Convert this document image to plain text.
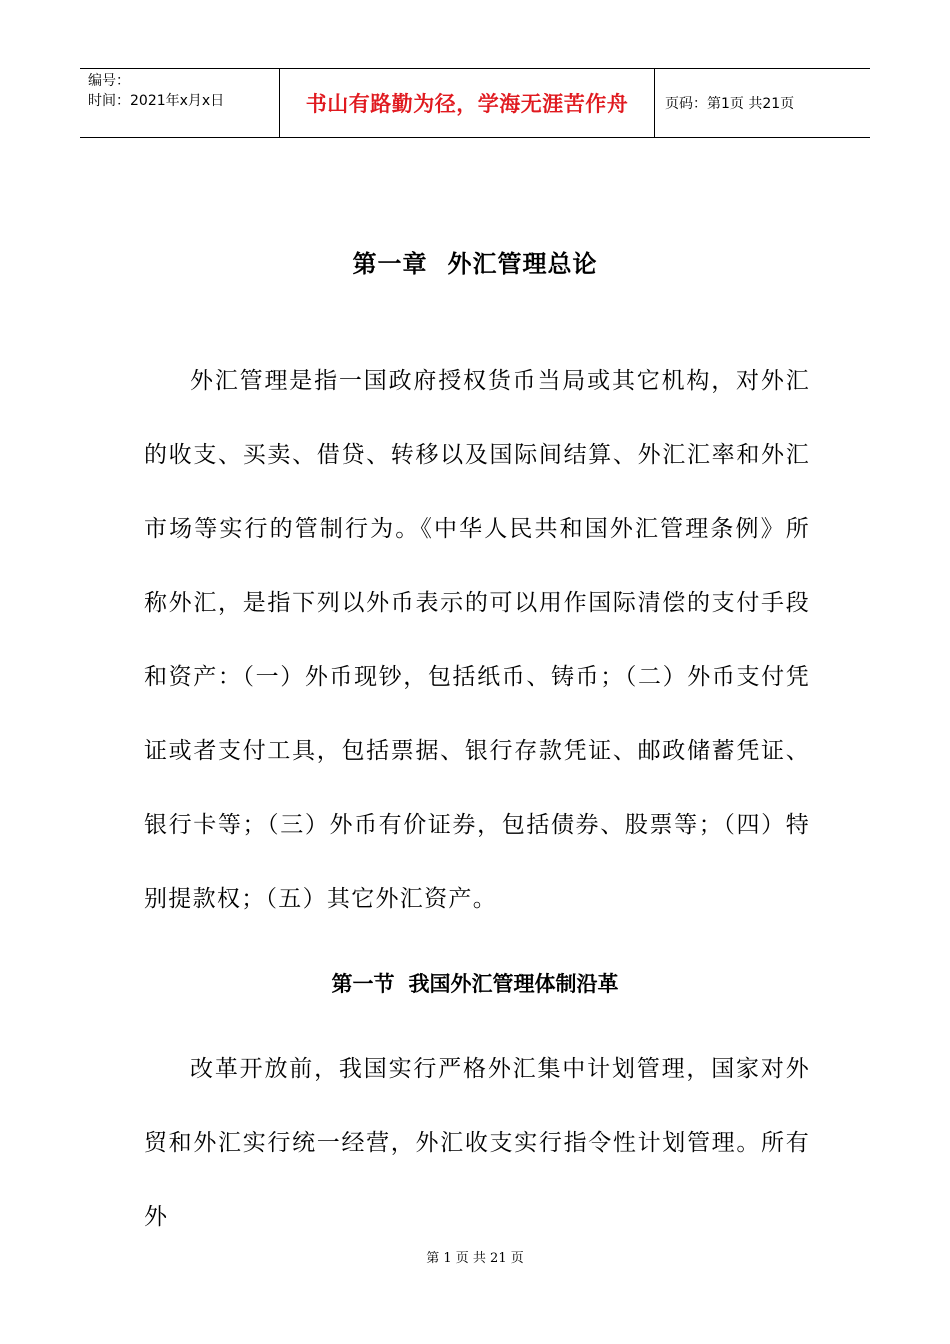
编号：
时间：2021年x月x日	书山有路勤为径，学海无涯苦作舟	页码：第1页 共21页
第一章 外汇管理总论

外汇管理是指一国政府授权货币当局或其它机构，对外汇的收支、买卖、借贷、转移以及国际间结算、外汇汇率和外汇市场等实行的管制行为。《中华人民共和国外汇管理条例》所称外汇，是指下列以外币表示的可以用作国际清偿的支付手段和资产：（一）外币现钞，包括纸币、铸币；（二）外币支付凭证或者支付工具，包括票据、银行存款凭证、邮政储蓄凭证、银行卡等；（三）外币有价证券，包括债券、股票等；（四）特别提款权；（五）其它外汇资产。

第一节 我国外汇管理体制沿革

改革开放前，我国实行严格外汇集中计划管理，国家对外贸和外汇实行统一经营，外汇收支实行指令性计划管理。所有外

第 1 页 共 21 页
